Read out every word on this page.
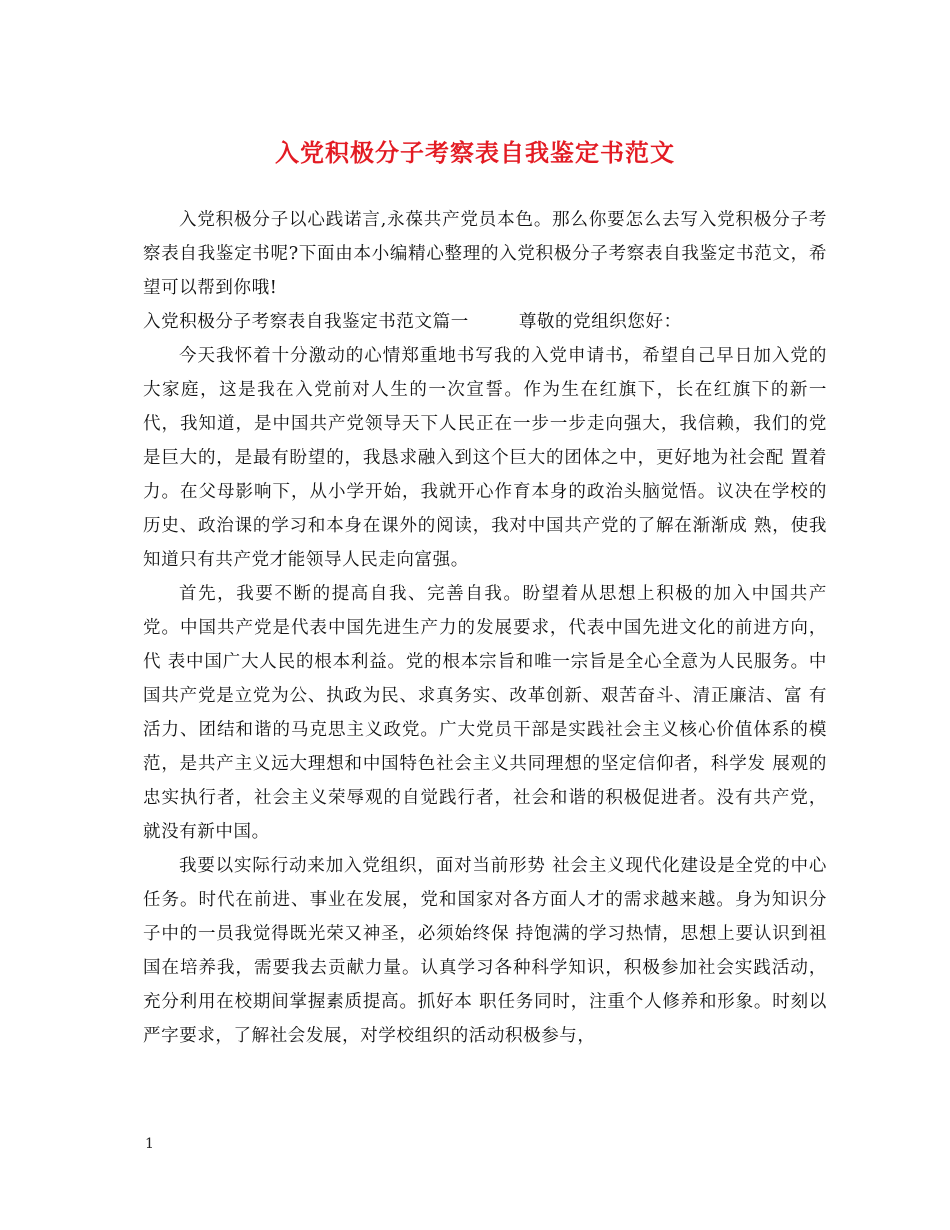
入党积极分子考察表自我鉴定书范文

入党积极分子以心践诺言,永葆共产党员本色。那么你要怎么去写入党积极分子考察表自我鉴定书呢?下面由本小编精心整理的入党积极分子考察表自我鉴定书范文，希望可以帮到你哦!

入党积极分子考察表自我鉴定书范文篇一	尊敬的党组织您好：

今天我怀着十分激动的心情郑重地书写我的入党申请书，希望自己早日加入党的大家庭，这是我在入党前对人生的一次宣誓。作为生在红旗下，长在红旗下的新一 代，我知道，是中国共产党领导天下人民正在一步一步走向强大，我信赖，我们的党是巨大的，是最有盼望的，我恳求融入到这个巨大的团体之中，更好地为社会配 置着力。在父母影响下，从小学开始，我就开心作育本身的政治头脑觉悟。议决在学校的历史、政治课的学习和本身在课外的阅读，我对中国共产党的了解在渐渐成 熟，使我知道只有共产党才能领导人民走向富强。

首先，我要不断的提高自我、完善自我。盼望着从思想上积极的加入中国共产党。中国共产党是代表中国先进生产力的发展要求，代表中国先进文化的前进方向，代 表中国广大人民的根本利益。党的根本宗旨和唯一宗旨是全心全意为人民服务。中国共产党是立党为公、执政为民、求真务实、改革创新、艰苦奋斗、清正廉洁、富 有活力、团结和谐的马克思主义政党。广大党员干部是实践社会主义核心价值体系的模范，是共产主义远大理想和中国特色社会主义共同理想的坚定信仰者，科学发 展观的忠实执行者，社会主义荣辱观的自觉践行者，社会和谐的积极促进者。没有共产党，就没有新中国。

我要以实际行动来加入党组织，面对当前形势 社会主义现代化建设是全党的中心任务。时代在前进、事业在发展，党和国家对各方面人才的需求越来越。身为知识分子中的一员我觉得既光荣又神圣，必须始终保 持饱满的学习热情，思想上要认识到祖国在培养我，需要我去贡献力量。认真学习各种科学知识，积极参加社会实践活动，充分利用在校期间掌握素质提高。抓好本 职任务同时，注重个人修养和形象。时刻以严字要求，了解社会发展，对学校组织的活动积极参与，

1
